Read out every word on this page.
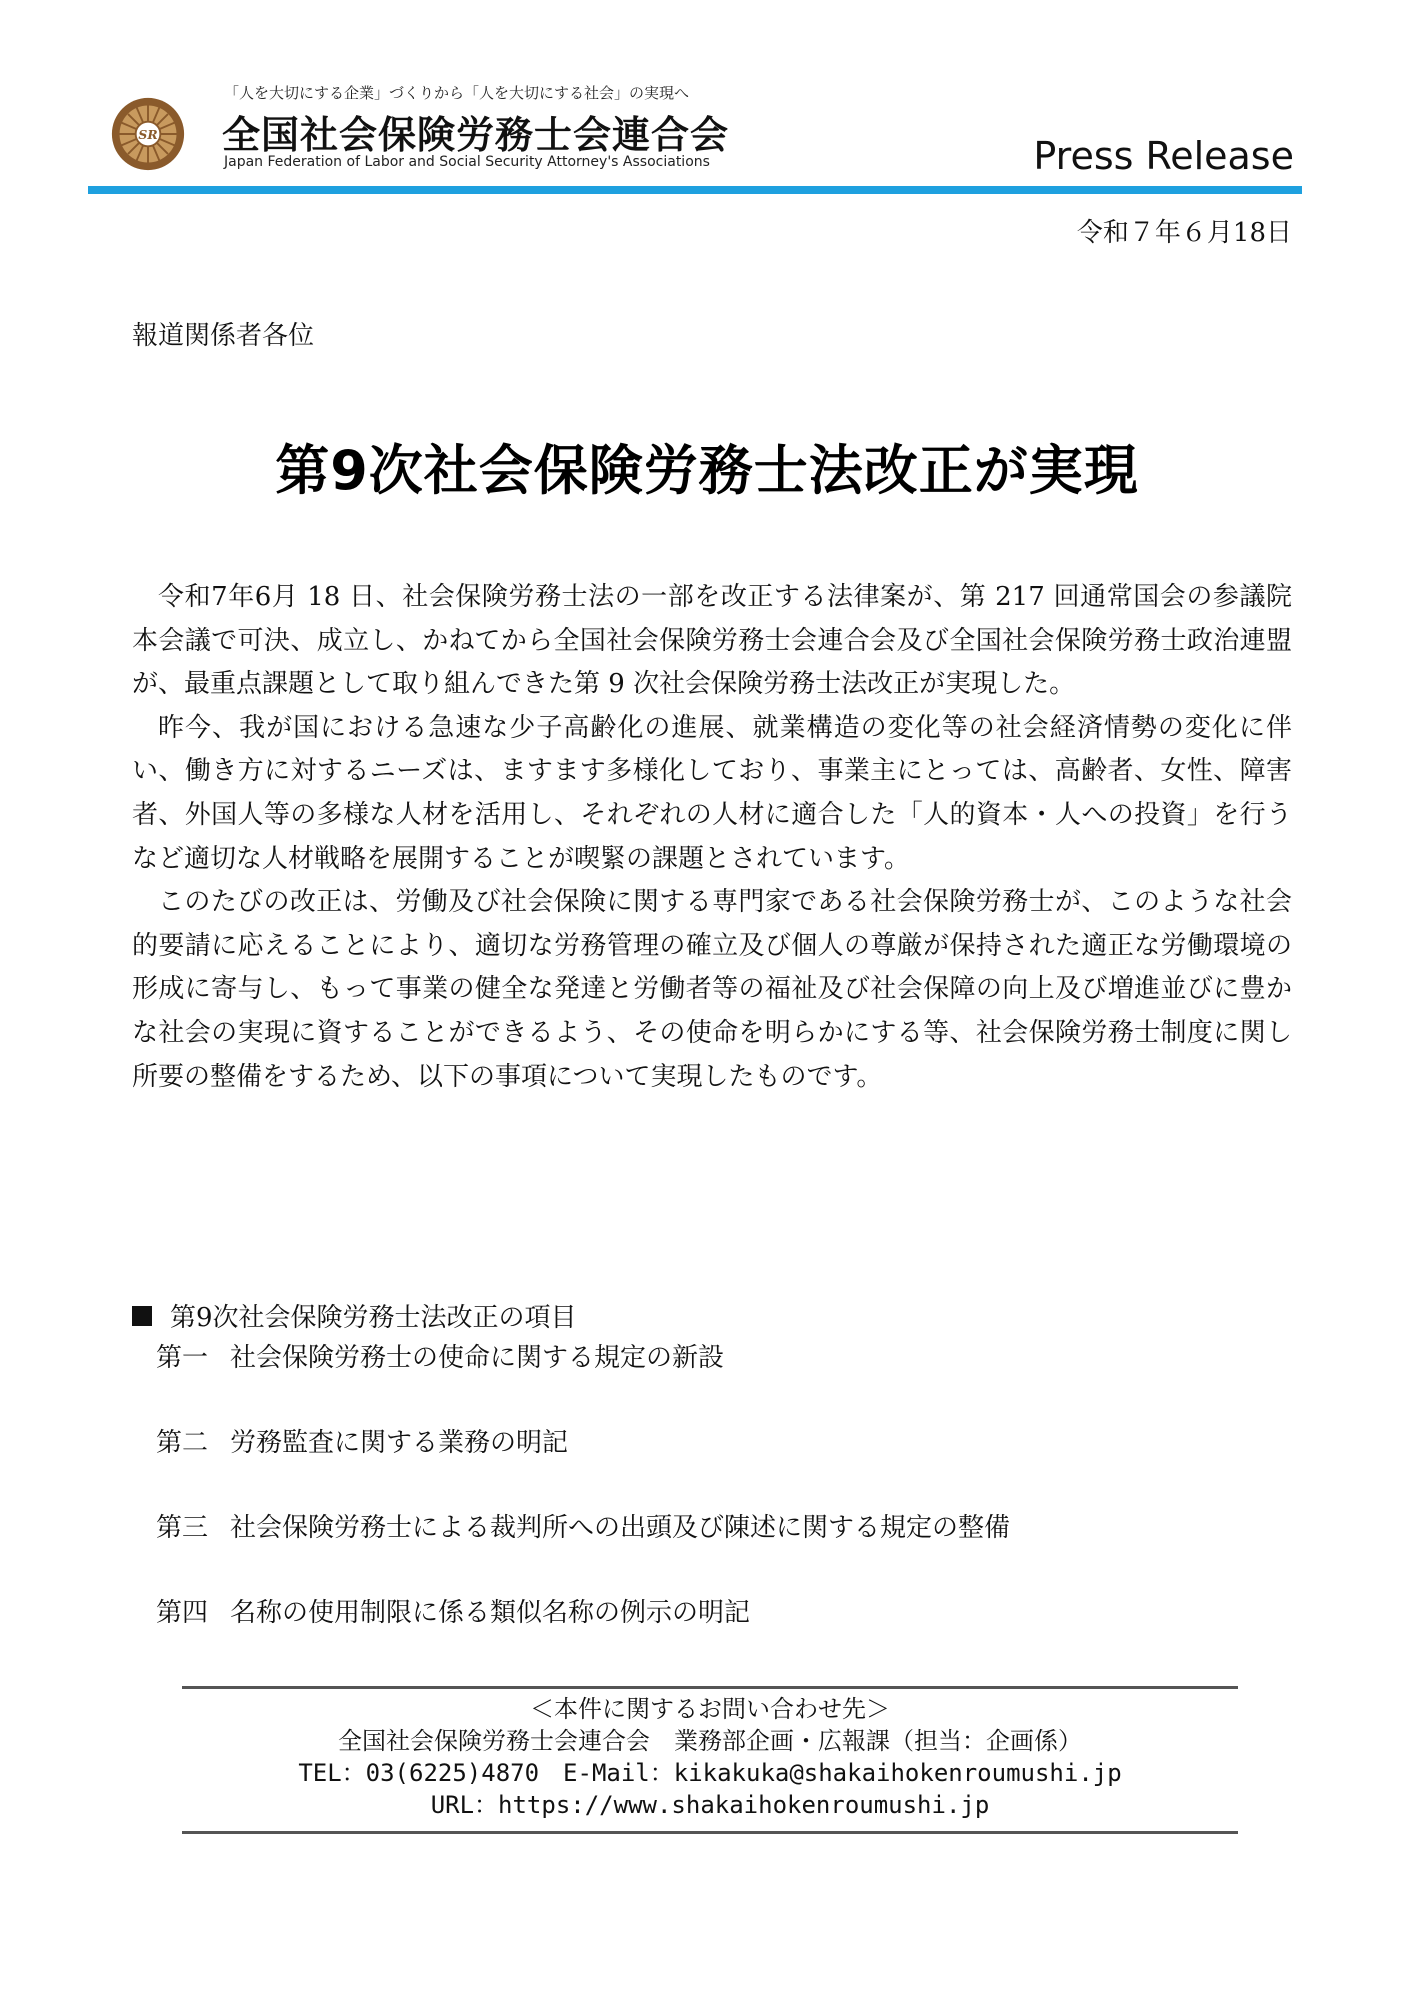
SR
「人を大切にする企業」づくりから「人を大切にする社会」の実現へ
全国社会保険労務士会連合会
Japan Federation of Labor and Social Security Attorney's Associations	Press Release
令和７年６月18日
報道関係者各位
第9次社会保険労務士法改正が実現

令和7年6月 18 日、社会保険労務士法の一部を改正する法律案が、第 217 回通常国会の参議院本会議で可決、成立し、かねてから全国社会保険労務士会連合会及び全国社会保険労務士政治連盟が、最重点課題として取り組んできた第 9 次社会保険労務士法改正が実現した。

昨今、我が国における急速な少子高齢化の進展、就業構造の変化等の社会経済情勢の変化に伴い、働き方に対するニーズは、ますます多様化しており、事業主にとっては、高齢者、女性、障害者、外国人等の多様な人材を活用し、それぞれの人材に適合した「人的資本・人への投資」を行うなど適切な人材戦略を展開することが喫緊の課題とされています。

このたびの改正は、労働及び社会保険に関する専門家である社会保険労務士が、このような社会的要請に応えることにより、適切な労務管理の確立及び個人の尊厳が保持された適正な労働環境の形成に寄与し、もって事業の健全な発達と労働者等の福祉及び社会保障の向上及び増進並びに豊かな社会の実現に資することができるよう、その使命を明らかにする等、社会保険労務士制度に関し所要の整備をするため、以下の事項について実現したものです。

第9次社会保険労務士法改正の項目
第一 社会保険労務士の使命に関する規定の新設
第二 労務監査に関する業務の明記
第三 社会保険労務士による裁判所への出頭及び陳述に関する規定の整備
第四 名称の使用制限に係る類似名称の例示の明記
＜本件に関するお問い合わせ先＞
全国社会保険労務士会連合会　業務部企画・広報課（担当：企画係）
TEL：03(6225)4870　E-Mail：kikakuka@shakaihokenroumushi.jp
URL：https://www.shakaihokenroumushi.jp
